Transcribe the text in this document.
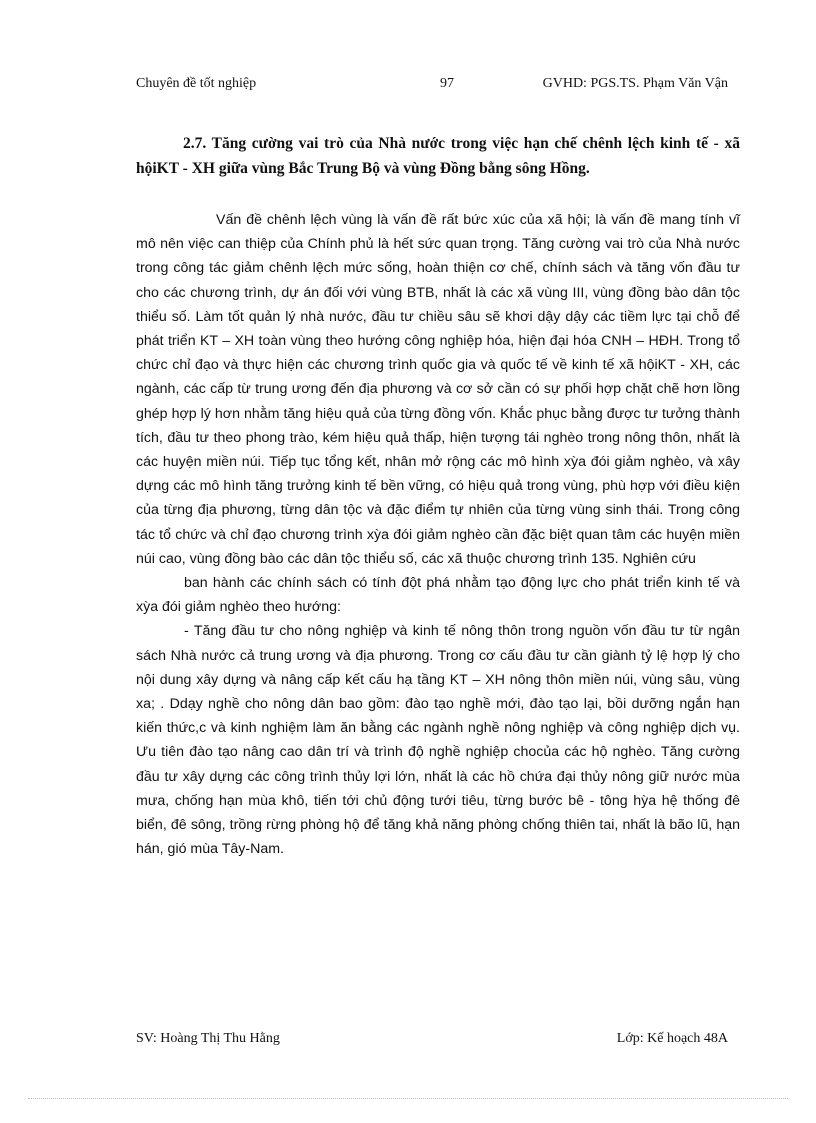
Chuyên đề tốt nghiệp	97	GVHD: PGS.TS. Phạm Văn Vận
2.7. Tăng cường vai trò của Nhà nước trong việc hạn chế chênh lệch kinh tế - xã hộiKT - XH giữa vùng Bắc Trung Bộ và vùng Đồng bằng sông Hồng.

Vấn đề chênh lệch vùng là vấn đề rất bức xúc của xã hội; là vấn đề mang tính vĩ mô nên việc can thiệp của Chính phủ là hết sức quan trọng. Tăng cường vai trò của Nhà nước trong công tác giảm chênh lệch mức sống, hoàn thiện cơ chế, chính sách và tăng vốn đầu tư cho các chương trình, dự án đối với vùng BTB, nhất là các xã vùng III, vùng đồng bào dân tộc thiểu số. Làm tốt quản lý nhà nước, đầu tư chiều sâu sẽ khơi dậy dậy các tiềm lực tại chỗ để phát triển KT – XH toàn vùng theo hướng công nghiệp hóa, hiện đại hóa CNH – HĐH. Trong tổ chức chỉ đạo và thực hiện các chương trình quốc gia và quốc tế về kinh tế xã hộiKT - XH, các ngành, các cấp từ trung ương đến địa phương và cơ sở cần có sự phối hợp chặt chẽ hơn lồng ghép hợp lý hơn nhằm tăng hiệu quả của từng đồng vốn. Khắc phục bằng được tư tưởng thành tích, đầu tư theo phong trào, kém hiệu quả thấp, hiện tượng tái nghèo trong nông thôn, nhất là các huyện miền núi. Tiếp tục tổng kết, nhân mở rộng các mô hình xỳa đói giảm nghèo, và xây dựng các mô hình tăng trưởng kinh tế bền vững, có hiệu quả trong vùng, phù hợp với điều kiện của từng địa phương, từng dân tộc và đặc điểm tự nhiên của từng vùng sinh thái. Trong công tác tổ chức và chỉ đạo chương trình xỳa đói giảm nghèo cần đặc biệt quan tâm các huyện miền núi cao, vùng đồng bào các dân tộc thiểu số, các xã thuộc chương trình 135. Nghiên cứu

ban hành các chính sách có tính đột phá nhằm tạo động lực cho phát triển kinh tế và xỳa đói giảm nghèo theo hướng:

- Tăng đầu tư cho nông nghiệp và kinh tế nông thôn trong nguồn vốn đầu tư từ ngân sách Nhà nước cả trung ương và địa phương. Trong cơ cấu đầu tư cần giành tỷ lệ hợp lý cho nội dung xây dựng và nâng cấp kết cấu hạ tầng KT – XH nông thôn miền núi, vùng sâu, vùng xa; . Ddạy nghề cho nông dân bao gồm: đào tạo nghề mới, đào tạo lại, bồi dưỡng ngắn hạn kiến thức,c và kinh nghiệm làm ăn bằng các ngành nghề nông nghiệp và công nghiệp dịch vụ. Ưu tiên đào tạo nâng cao dân trí và trình độ nghề nghiệp chocủa các hộ nghèo. Tăng cường đầu tư xây dựng các công trình thủy lợi lớn, nhất là các hồ chứa đại thủy nông giữ nước mùa mưa, chống hạn mùa khô, tiến tới chủ động tưới tiêu, từng bước bê - tông hỳa hệ thống đê biển, đê sông, trồng rừng phòng hộ để tăng khả năng phòng chống thiên tai, nhất là bão lũ, hạn hán, gió mùa Tây-Nam.

SV: Hoàng Thị Thu Hằng	Lớp: Kế hoạch 48A
